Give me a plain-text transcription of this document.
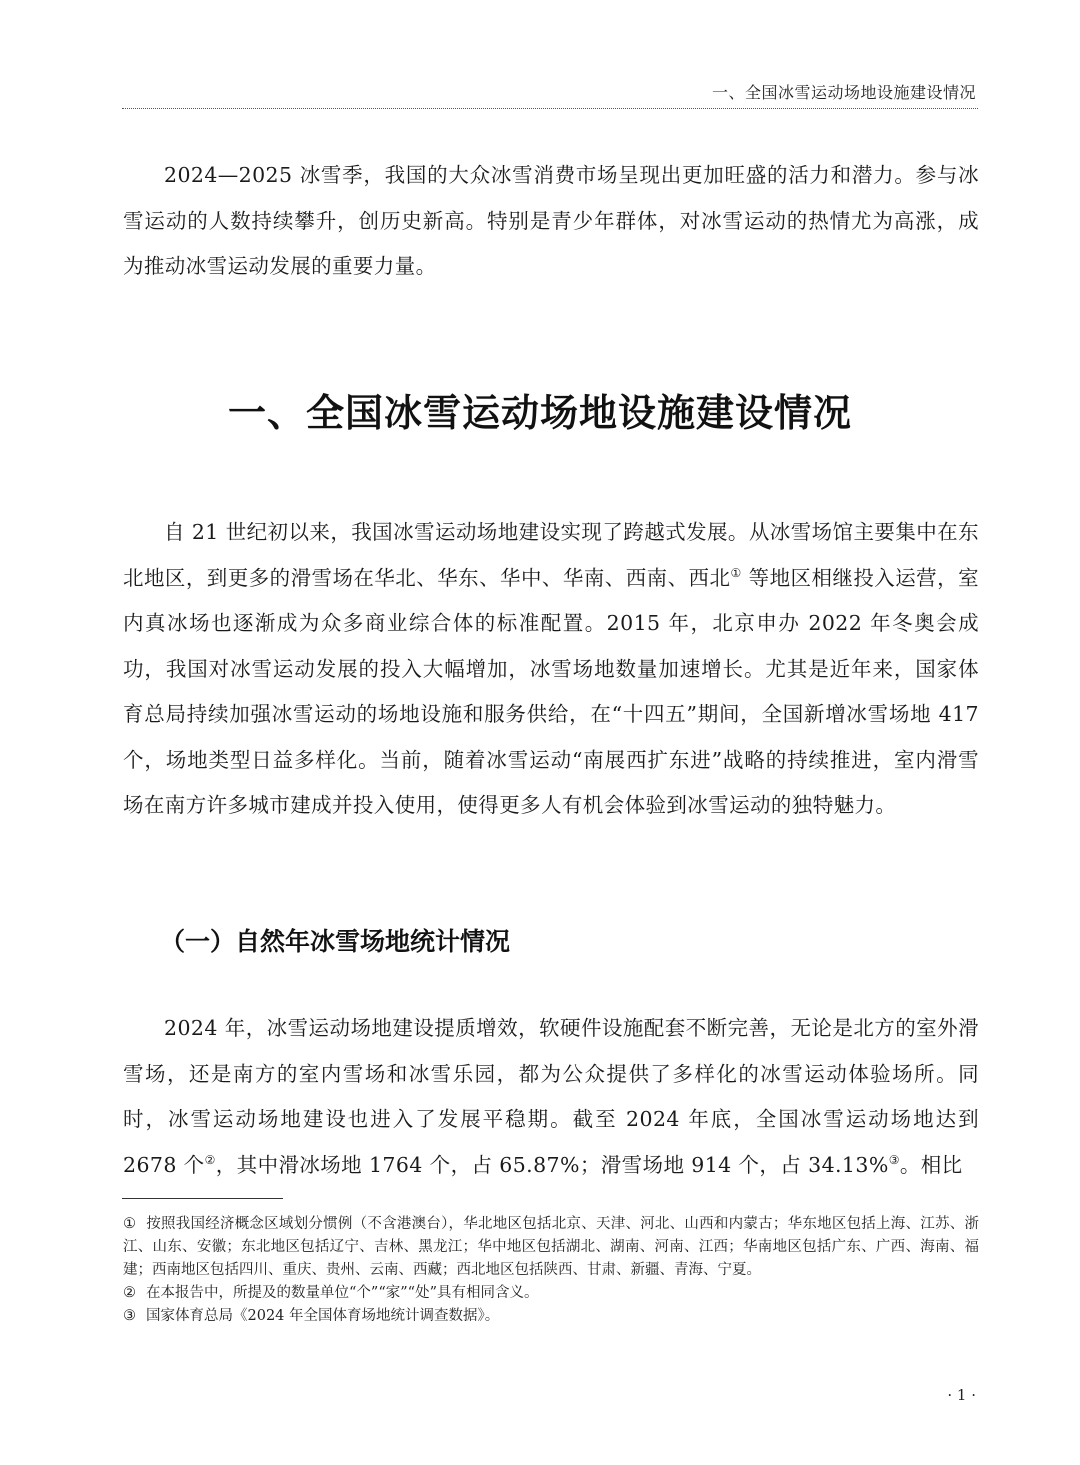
一、全国冰雪运动场地设施建设情况

2024—2025 冰雪季，我国的大众冰雪消费市场呈现出更加旺盛的活力和潜力。参与冰雪运动的人数持续攀升，创历史新高。特别是青少年群体，对冰雪运动的热情尤为高涨，成为推动冰雪运动发展的重要力量。

一、全国冰雪运动场地设施建设情况

自 21 世纪初以来，我国冰雪运动场地建设实现了跨越式发展。从冰雪场馆主要集中在东北地区，到更多的滑雪场在华北、华东、华中、华南、西南、西北① 等地区相继投入运营，室内真冰场也逐渐成为众多商业综合体的标准配置。2015 年，北京申办 2022 年冬奥会成功，我国对冰雪运动发展的投入大幅增加，冰雪场地数量加速增长。尤其是近年来，国家体育总局持续加强冰雪运动的场地设施和服务供给，在“十四五”期间，全国新增冰雪场地 417 个，场地类型日益多样化。当前，随着冰雪运动“南展西扩东进”战略的持续推进，室内滑雪场在南方许多城市建成并投入使用，使得更多人有机会体验到冰雪运动的独特魅力。

（一）自然年冰雪场地统计情况

2024 年，冰雪运动场地建设提质增效，软硬件设施配套不断完善，无论是北方的室外滑雪场，还是南方的室内雪场和冰雪乐园，都为公众提供了多样化的冰雪运动体验场所。同时，冰雪运动场地建设也进入了发展平稳期。截至 2024 年底，全国冰雪运动场地达到 2678 个②，其中滑冰场地 1764 个，占 65.87%；滑雪场地 914 个，占 34.13%③。相比

① 按照我国经济概念区域划分惯例（不含港澳台），华北地区包括北京、天津、河北、山西和内蒙古；华东地区包括上海、江苏、浙江、山东、安徽；东北地区包括辽宁、吉林、黑龙江；华中地区包括湖北、湖南、河南、江西；华南地区包括广东、广西、海南、福建；西南地区包括四川、重庆、贵州、云南、西藏；西北地区包括陕西、甘肃、新疆、青海、宁夏。

② 在本报告中，所提及的数量单位“个”“家”“处”具有相同含义。

③ 国家体育总局《2024 年全国体育场地统计调查数据》。

· 1 ·
